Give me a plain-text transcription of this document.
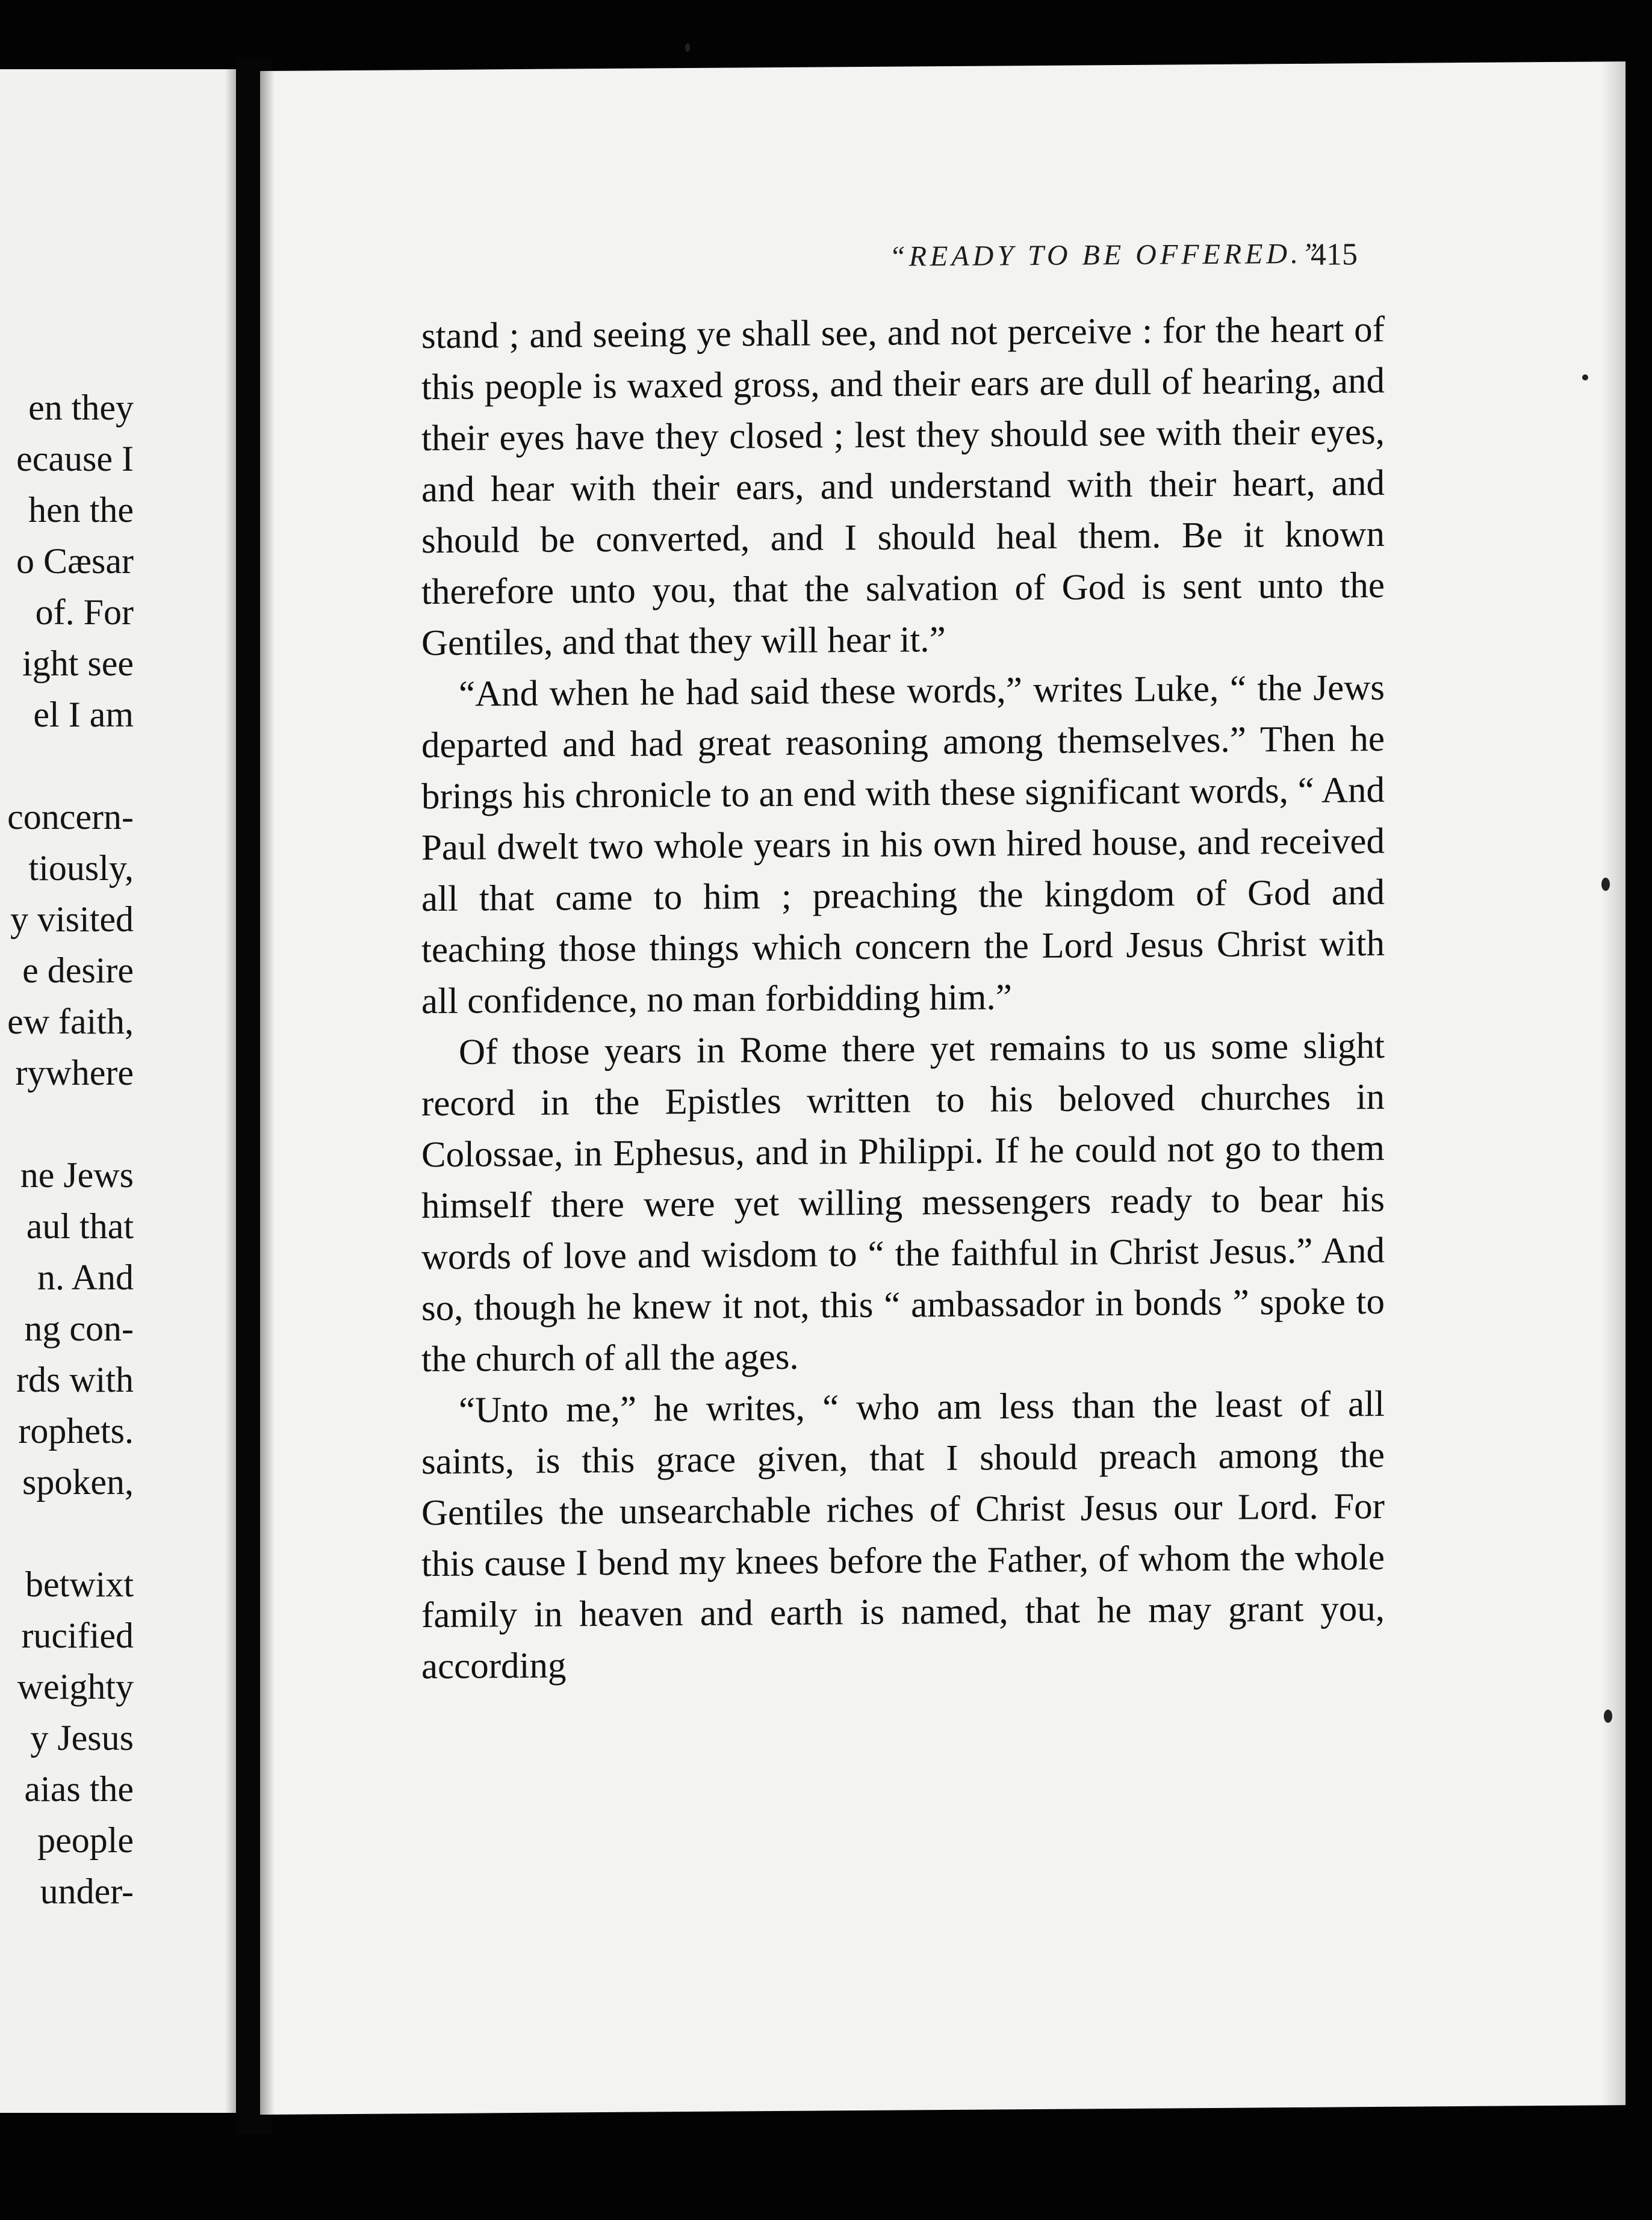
en they
ecause I
hen the
o Cæsar
of. For
ight see
el I am
concern-
tiously,
y visited
e desire
ew faith,
rywhere
ne Jews
aul that
n. And
ng con-
rds with
rophets.
spoken,
betwixt
rucified
weighty
y Jesus
aias the
people
under-
“READY TO BE OFFERED.”
415

stand ; and seeing ye shall see, and not perceive : for the heart of this people is waxed gross, and their ears are dull of hearing, and their eyes have they closed ; lest they should see with their eyes, and hear with their ears, and understand with their heart, and should be converted, and I should heal them. Be it known therefore unto you, that the salvation of God is sent unto the Gentiles, and that they will hear it.”

“And when he had said these words,” writes Luke, “ the Jews departed and had great reasoning among themselves.” Then he brings his chronicle to an end with these significant words, “ And Paul dwelt two whole years in his own hired house, and received all that came to him ; preaching the kingdom of God and teaching those things which concern the Lord Jesus Christ with all confidence, no man forbidding him.”

Of those years in Rome there yet remains to us some slight record in the Epistles written to his beloved churches in Colossae, in Ephesus, and in Philippi. If he could not go to them himself there were yet willing messengers ready to bear his words of love and wisdom to “ the faithful in Christ Jesus.” And so, though he knew it not, this “ ambassador in bonds ” spoke to the church of all the ages.

“Unto me,” he writes, “ who am less than the least of all saints, is this grace given, that I should preach among the Gentiles the unsearchable riches of Christ Jesus our Lord. For this cause I bend my knees before the Father, of whom the whole family in heaven and earth is named, that he may grant you, according
